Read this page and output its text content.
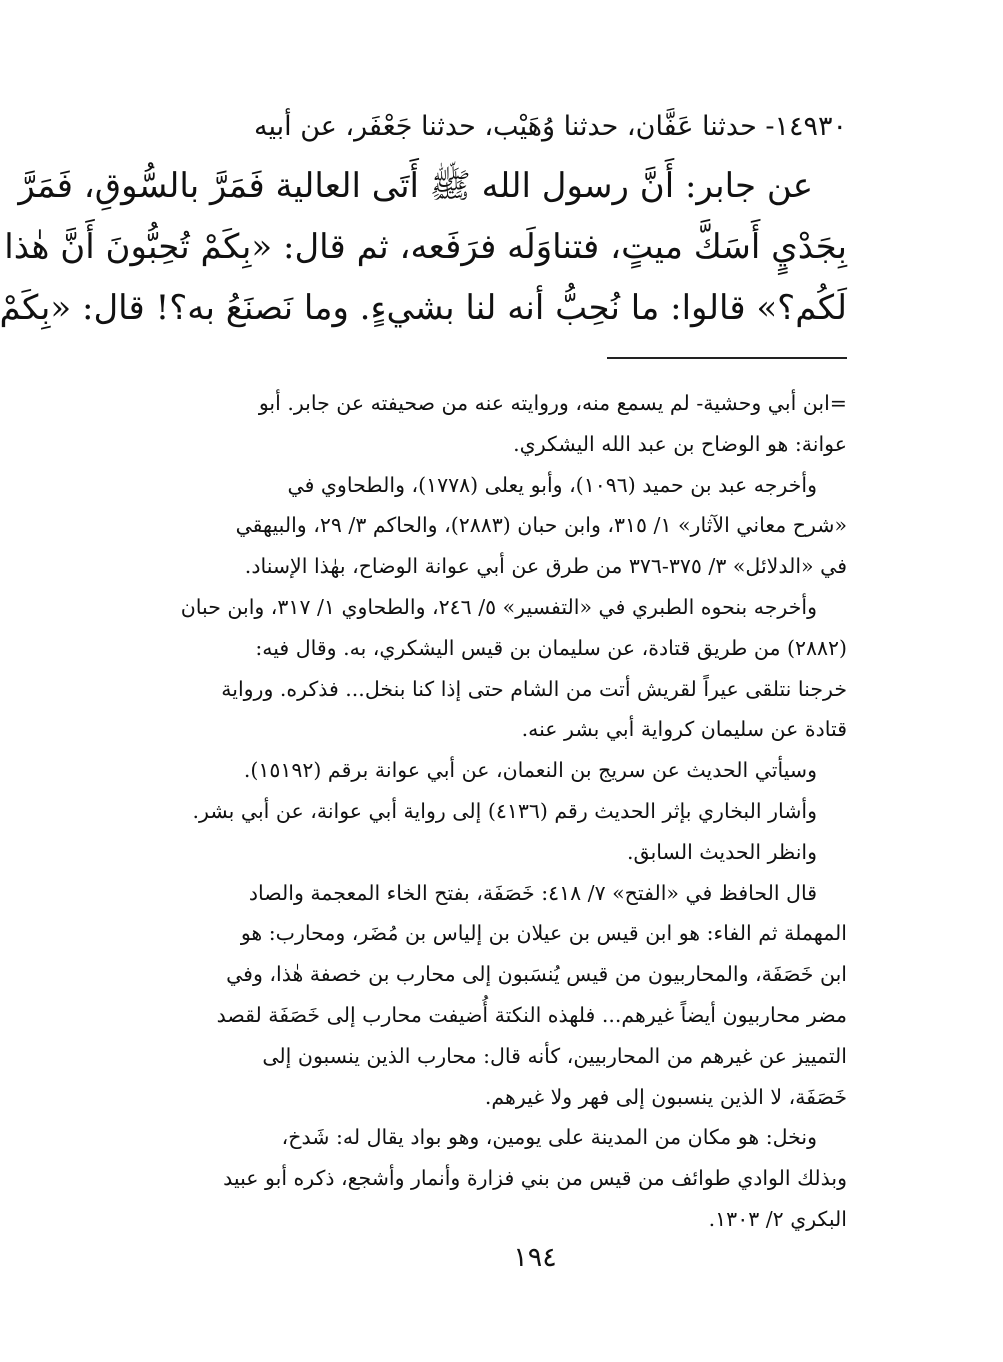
١٤٩٣٠- حدثنا عَفَّان، حدثنا وُهَيْب، حدثنا جَعْفَر، عن أبيه
عن جابر: أَنَّ رسول الله ﷺ أَتَى العالية فَمَرَّ بالسُّوقِ، فَمَرَّ
بِجَدْيٍ أَسَكَّ ميتٍ، فتناوَلَه فرَفَعه، ثم قال: «بِكَمْ تُحِبُّونَ أَنَّ هٰذا
لَكُم؟» قالوا: ما نُحِبُّ أنه لنا بشيءٍ. وما نَصنَعُ به؟! قال: «بِكَمْ
=ابن أبي وحشية- لم يسمع منه، وروايته عنه من صحيفته عن جابر. أبو
عوانة: هو الوضاح بن عبد الله اليشكري.
وأخرجه عبد بن حميد (١٠٩٦)، وأبو يعلى (١٧٧٨)، والطحاوي في
«شرح معاني الآثار» ١/ ٣١٥، وابن حبان (٢٨٨٣)، والحاكم ٣/ ٢٩، والبيهقي
في «الدلائل» ٣/ ٣٧٥-٣٧٦ من طرق عن أبي عوانة الوضاح، بهٰذا الإسناد.
وأخرجه بنحوه الطبري في «التفسير» ٥/ ٢٤٦، والطحاوي ١/ ٣١٧، وابن حبان
(٢٨٨٢) من طريق قتادة، عن سليمان بن قيس اليشكري، به. وقال فيه:
خرجنا نتلقى عيراً لقريش أتت من الشام حتى إذا كنا بنخل... فذكره. ورواية
قتادة عن سليمان كرواية أبي بشر عنه.
وسيأتي الحديث عن سريج بن النعمان، عن أبي عوانة برقم (١٥١٩٢).
وأشار البخاري بإثر الحديث رقم (٤١٣٦) إلى رواية أبي عوانة، عن أبي بشر.
وانظر الحديث السابق.
قال الحافظ في «الفتح» ٧/ ٤١٨: خَصَفَة، بفتح الخاء المعجمة والصاد
المهملة ثم الفاء: هو ابن قيس بن عيلان بن إلياس بن مُضَر، ومحارب: هو
ابن خَصَفَة، والمحاربيون من قيس يُنسَبون إلى محارب بن خصفة هٰذا، وفي
مضر محاربيون أيضاً غيرهم... فلهذه النكتة أُضيفت محارب إلى خَصَفَة لقصد
التمييز عن غيرهم من المحاربيين، كأنه قال: محارب الذين ينسبون إلى
خَصَفَة، لا الذين ينسبون إلى فهر ولا غيرهم.
ونخل: هو مكان من المدينة على يومين، وهو بواد يقال له: شَدخ،
وبذلك الوادي طوائف من قيس من بني فزارة وأنمار وأشجع، ذكره أبو عبيد
البكري ٢/ ١٣٠٣.
١٩٤
